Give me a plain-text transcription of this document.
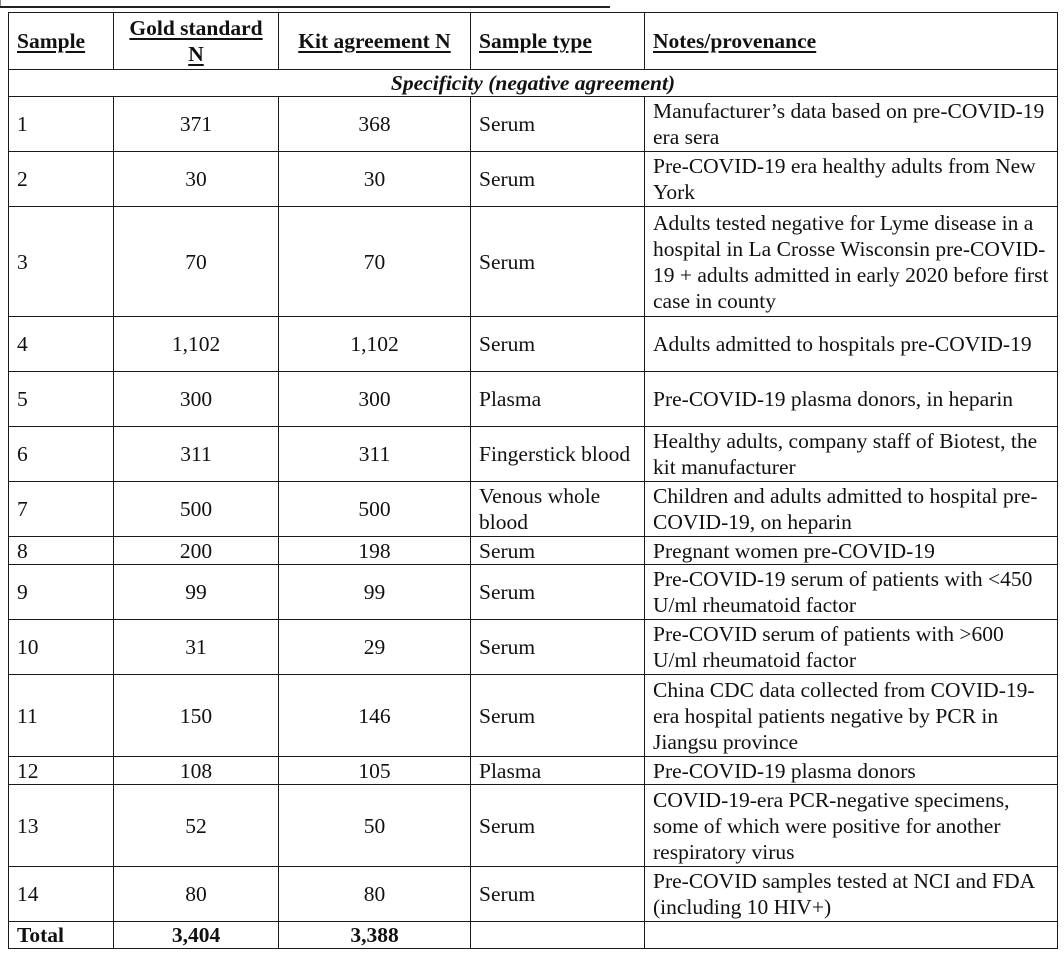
Sample	Gold standard N	Kit agreement N	Sample type	Notes/provenance
Specificity (negative agreement)				
1	371	368	Serum	Manufacturer’s data based on pre-COVID-19 era sera
2	30	30	Serum	Pre-COVID-19 era healthy adults from New York
3	70	70	Serum	Adults tested negative for Lyme disease in a hospital in La Crosse Wisconsin pre-COVID-19 + adults admitted in early 2020 before first case in county
4	1,102	1,102	Serum	Adults admitted to hospitals pre-COVID-19
5	300	300	Plasma	Pre-COVID-19 plasma donors, in heparin
6	311	311	Fingerstick blood	Healthy adults, company staff of Biotest, the kit manufacturer
7	500	500	Venous whole blood	Children and adults admitted to hospital pre-COVID-19, on heparin
8	200	198	Serum	Pregnant women pre-COVID-19
9	99	99	Serum	Pre-COVID-19 serum of patients with <450 U/ml rheumatoid factor
10	31	29	Serum	Pre-COVID serum of patients with >600 U/ml rheumatoid factor
11	150	146	Serum	China CDC data collected from COVID-19-era hospital patients negative by PCR in Jiangsu province
12	108	105	Plasma	Pre-COVID-19 plasma donors
13	52	50	Serum	COVID-19-era PCR-negative specimens, some of which were positive for another respiratory virus
14	80	80	Serum	Pre-COVID samples tested at NCI and FDA (including 10 HIV+)
Total	3,404	3,388		
